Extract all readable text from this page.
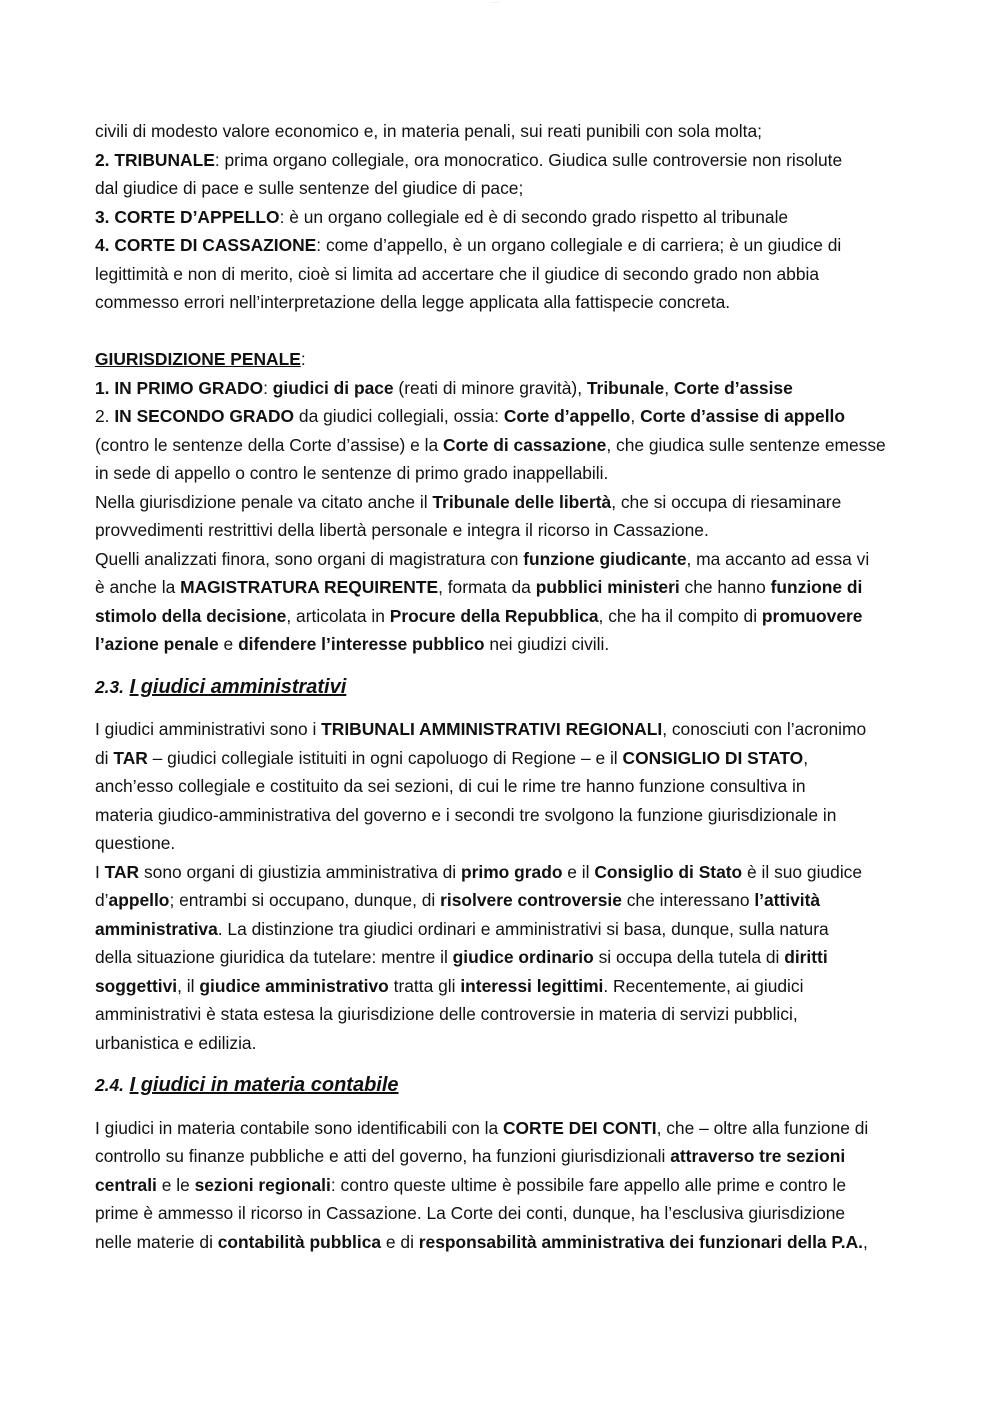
———
civili di modesto valore economico e, in materia penali, sui reati punibili con sola molta;
2. TRIBUNALE: prima organo collegiale, ora monocratico. Giudica sulle controversie non risolute
dal giudice di pace e sulle sentenze del giudice di pace;
3. CORTE D’APPELLO: è un organo collegiale ed è di secondo grado rispetto al tribunale
4. CORTE DI CASSAZIONE: come d’appello, è un organo collegiale e di carriera; è un giudice di
legittimità e non di merito, cioè si limita ad accertare che il giudice di secondo grado non abbia
commesso errori nell’interpretazione della legge applicata alla fattispecie concreta.
GIURISDIZIONE PENALE:
1. IN PRIMO GRADO: giudici di pace (reati di minore gravità), Tribunale, Corte d’assise
2. IN SECONDO GRADO da giudici collegiali, ossia: Corte d’appello, Corte d’assise di appello
(contro le sentenze della Corte d’assise) e la Corte di cassazione, che giudica sulle sentenze emesse
in sede di appello o contro le sentenze di primo grado inappellabili.
Nella giurisdizione penale va citato anche il Tribunale delle libertà, che si occupa di riesaminare
provvedimenti restrittivi della libertà personale e integra il ricorso in Cassazione.
Quelli analizzati finora, sono organi di magistratura con funzione giudicante, ma accanto ad essa vi
è anche la MAGISTRATURA REQUIRENTE, formata da pubblici ministeri che hanno funzione di
stimolo della decisione, articolata in Procure della Repubblica, che ha il compito di promuovere
l’azione penale e difendere l’interesse pubblico nei giudizi civili.
2.3. I giudici amministrativi
I giudici amministrativi sono i TRIBUNALI AMMINISTRATIVI REGIONALI, conosciuti con l’acronimo
di TAR – giudici collegiale istituiti in ogni capoluogo di Regione – e il CONSIGLIO DI STATO,
anch’esso collegiale e costituito da sei sezioni, di cui le rime tre hanno funzione consultiva in
materia giudico-amministrativa del governo e i secondi tre svolgono la funzione giurisdizionale in
questione.
I TAR sono organi di giustizia amministrativa di primo grado e il Consiglio di Stato è il suo giudice
d’appello; entrambi si occupano, dunque, di risolvere controversie che interessano l’attività
amministrativa. La distinzione tra giudici ordinari e amministrativi si basa, dunque, sulla natura
della situazione giuridica da tutelare: mentre il giudice ordinario si occupa della tutela di diritti
soggettivi, il giudice amministrativo tratta gli interessi legittimi. Recentemente, ai giudici
amministrativi è stata estesa la giurisdizione delle controversie in materia di servizi pubblici,
urbanistica e edilizia.
2.4. I giudici in materia contabile
I giudici in materia contabile sono identificabili con la CORTE DEI CONTI, che – oltre alla funzione di
controllo su finanze pubbliche e atti del governo, ha funzioni giurisdizionali attraverso tre sezioni
centrali e le sezioni regionali: contro queste ultime è possibile fare appello alle prime e contro le
prime è ammesso il ricorso in Cassazione. La Corte dei conti, dunque, ha l’esclusiva giurisdizione
nelle materie di contabilità pubblica e di responsabilità amministrativa dei funzionari della P.A.,
